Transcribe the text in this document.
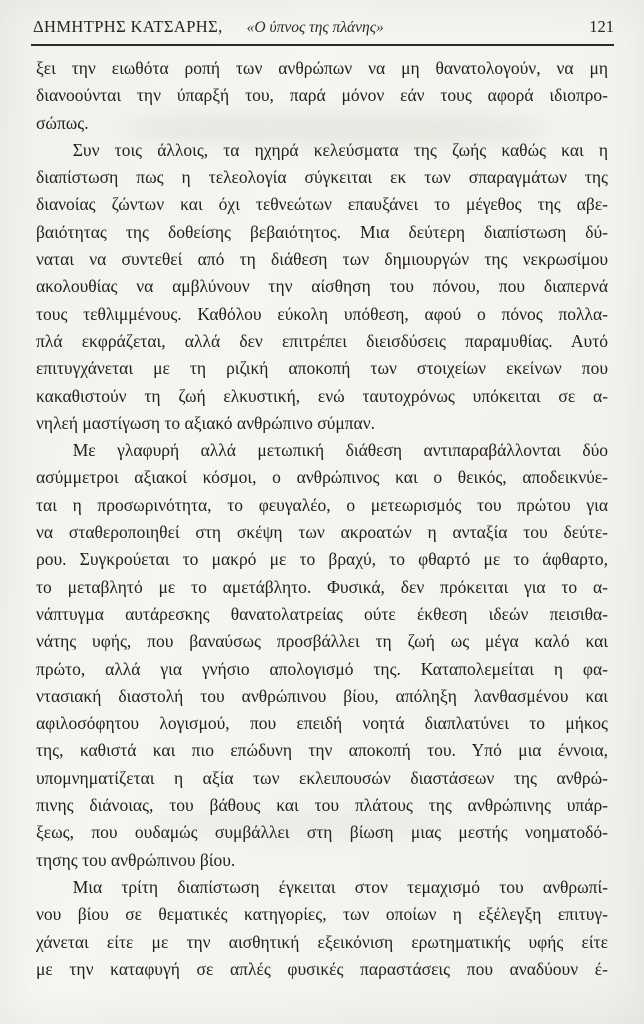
ΔΗΜΗΤΡΗΣ ΚΑΤΣΑΡΗΣ, «Ο ύπνος της πλάνης»	121

ξει την ειωθότα ροπή των ανθρώπων να μη θανατολογούν, να μη
διανοούνται την ύπαρξή του, παρά μόνον εάν τους αφορά ιδιοπρο-
σώπως.

Συν τοις άλλοις, τα ηχηρά κελεύσματα της ζωής καθώς και η
διαπίστωση πως η τελεολογία σύγκειται εκ των σπαραγμάτων της
διανοίας ζώντων και όχι τεθνεώτων επαυξάνει το μέγεθος της αβε-
βαιότητας της δοθείσης βεβαιότητος. Μια δεύτερη διαπίστωση δύ-
ναται να συντεθεί από τη διάθεση των δημιουργών της νεκρωσίμου
ακολουθίας να αμβλύνουν την αίσθηση του πόνου, που διαπερνά
τους τεθλιμμένους. Καθόλου εύκολη υπόθεση, αφού ο πόνος πολλα-
πλά εκφράζεται, αλλά δεν επιτρέπει διεισδύσεις παραμυθίας. Αυτό
επιτυγχάνεται με τη ριζική αποκοπή των στοιχείων εκείνων που
κακαθιστούν τη ζωή ελκυστική, ενώ ταυτοχρόνως υπόκειται σε α-
νηλεή μαστίγωση το αξιακό ανθρώπινο σύμπαν.

Με γλαφυρή αλλά μετωπική διάθεση αντιπαραβάλλονται δύο
ασύμμετροι αξιακοί κόσμοι, ο ανθρώπινος και ο θεικός, αποδεικνύε-
ται η προσωρινότητα, το φευγαλέο, ο μετεωρισμός του πρώτου για
να σταθεροποιηθεί στη σκέψη των ακροατών η ανταξία του δεύτε-
ρου. Συγκρούεται το μακρό με το βραχύ, το φθαρτό με το άφθαρτο,
το μεταβλητό με το αμετάβλητο. Φυσικά, δεν πρόκειται για το α-
νάπτυγμα αυτάρεσκης θανατολατρείας ούτε έκθεση ιδεών πεισιθα-
νάτης υφής, που βαναύσως προσβάλλει τη ζωή ως μέγα καλό και
πρώτο, αλλά για γνήσιο απολογισμό της. Καταπολεμείται η φα-
ντασιακή διαστολή του ανθρώπινου βίου, απόληξη λανθασμένου και
αφιλοσόφητου λογισμού, που επειδή νοητά διαπλατύνει το μήκος
της, καθιστά και πιο επώδυνη την αποκοπή του. Υπό μια έννοια,
υπομνηματίζεται η αξία των εκλειπουσών διαστάσεων της ανθρώ-
πινης διάνοιας, του βάθους και του πλάτους της ανθρώπινης υπάρ-
ξεως, που ουδαμώς συμβάλλει στη βίωση μιας μεστής νοηματοδό-
τησης του ανθρώπινου βίου.

Μια τρίτη διαπίστωση έγκειται στον τεμαχισμό του ανθρωπί-
νου βίου σε θεματικές κατηγορίες, των οποίων η εξέλεγξη επιτυγ-
χάνεται είτε με την αισθητική εξεικόνιση ερωτηματικής υφής είτε
με την καταφυγή σε απλές φυσικές παραστάσεις που αναδύουν έ-
